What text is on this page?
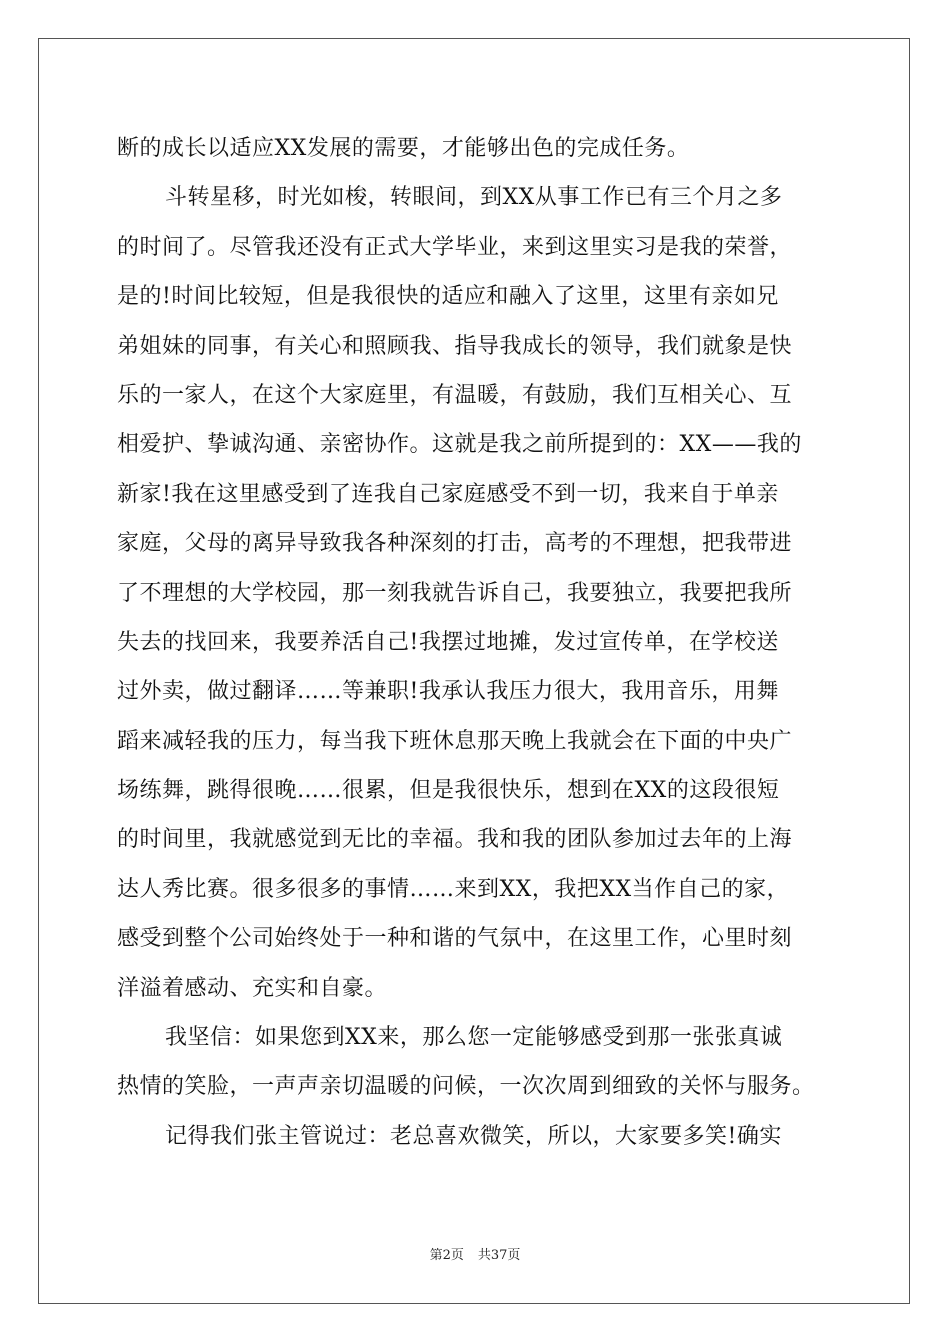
断的成长以适应XX发展的需要，才能够出色的完成任务。
斗转星移，时光如梭，转眼间，到XX从事工作已有三个月之多
的时间了。尽管我还没有正式大学毕业，来到这里实习是我的荣誉，
是的!时间比较短，但是我很快的适应和融入了这里，这里有亲如兄
弟姐妹的同事，有关心和照顾我、指导我成长的领导，我们就象是快
乐的一家人，在这个大家庭里，有温暖，有鼓励，我们互相关心、互
相爱护、挚诚沟通、亲密协作。这就是我之前所提到的：XX——我的
新家!我在这里感受到了连我自己家庭感受不到一切，我来自于单亲
家庭，父母的离异导致我各种深刻的打击，高考的不理想，把我带进
了不理想的大学校园，那一刻我就告诉自己，我要独立，我要把我所
失去的找回来，我要养活自己!我摆过地摊，发过宣传单，在学校送
过外卖，做过翻译……等兼职!我承认我压力很大，我用音乐，用舞
蹈来减轻我的压力，每当我下班休息那天晚上我就会在下面的中央广
场练舞，跳得很晚……很累，但是我很快乐，想到在XX的这段很短
的时间里，我就感觉到无比的幸福。我和我的团队参加过去年的上海
达人秀比赛。很多很多的事情……来到XX，我把XX当作自己的家，
感受到整个公司始终处于一种和谐的气氛中，在这里工作，心里时刻
洋溢着感动、充实和自豪。
我坚信：如果您到XX来，那么您一定能够感受到那一张张真诚
热情的笑脸，一声声亲切温暖的问候，一次次周到细致的关怀与服务。
记得我们张主管说过：老总喜欢微笑，所以，大家要多笑!确实
第2页 共37页
